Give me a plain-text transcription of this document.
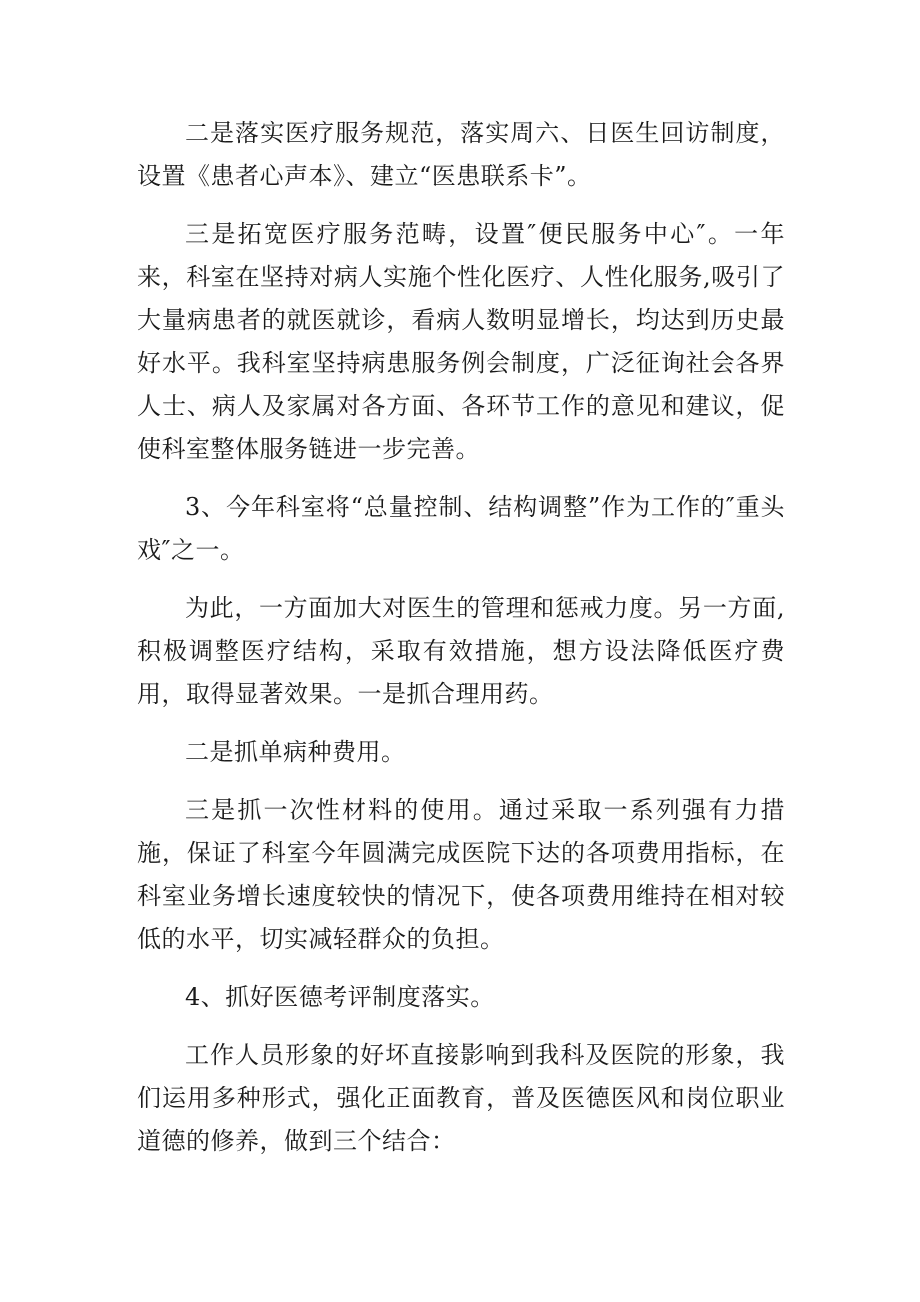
二是落实医疗服务规范，落实周六、日医生回访制度，设置《患者心声本》、建立“医患联系卡”。

三是拓宽医疗服务范畴，设置″便民服务中心″。一年来，科室在坚持对病人实施个性化医疗、人性化服务,吸引了大量病患者的就医就诊，看病人数明显增长，均达到历史最好水平。我科室坚持病患服务例会制度，广泛征询社会各界人士、病人及家属对各方面、各环节工作的意见和建议，促使科室整体服务链进一步完善。

3、今年科室将“总量控制、结构调整”作为工作的″重头戏″之一。

为此，一方面加大对医生的管理和惩戒力度。另一方面,积极调整医疗结构，采取有效措施，想方设法降低医疗费用，取得显著效果。一是抓合理用药。

二是抓单病种费用。

三是抓一次性材料的使用。通过采取一系列强有力措施，保证了科室今年圆满完成医院下达的各项费用指标，在科室业务增长速度较快的情况下，使各项费用维持在相对较低的水平，切实减轻群众的负担。

4、抓好医德考评制度落实。

工作人员形象的好坏直接影响到我科及医院的形象，我们运用多种形式，强化正面教育，普及医德医风和岗位职业道德的修养，做到三个结合：
